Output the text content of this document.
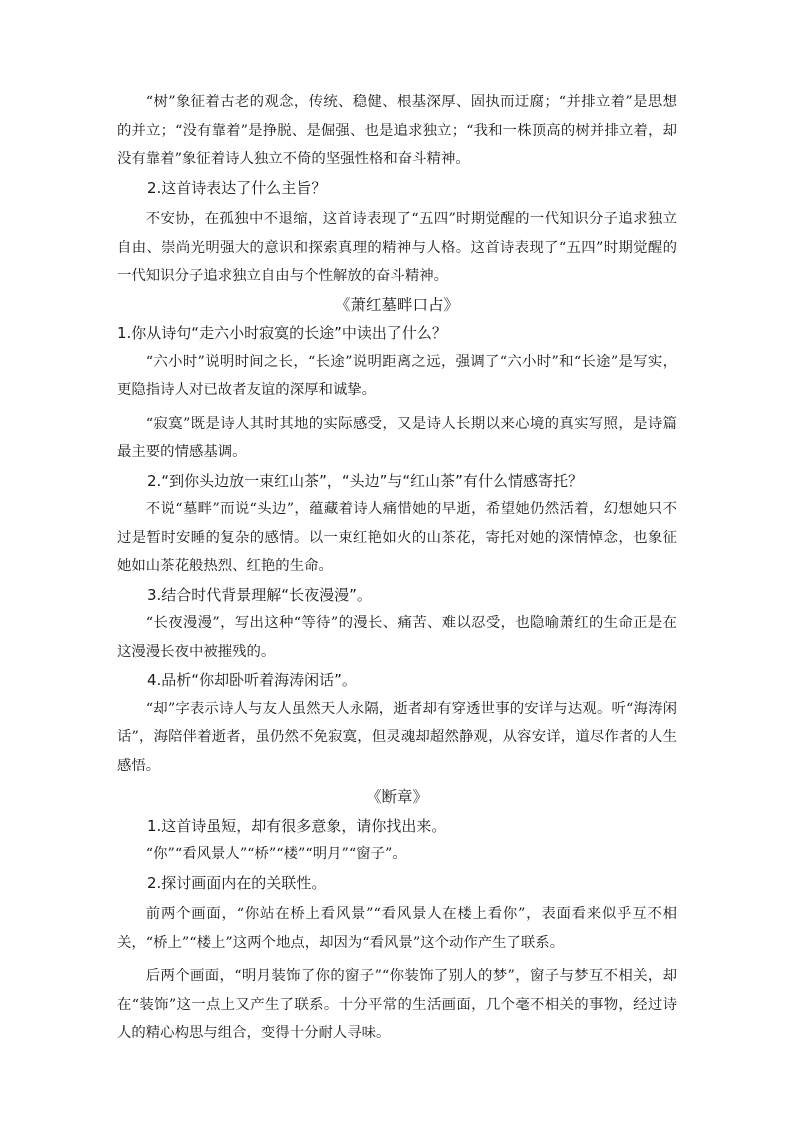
“树”象征着古老的观念，传统、稳健、根基深厚、固执而迂腐；“并排立着”是思想的并立；“没有靠着”是挣脱、是倔强、也是追求独立；“我和一株顶高的树并排立着，却没有靠着”象征着诗人独立不倚的坚强性格和奋斗精神。

2.这首诗表达了什么主旨？

不安协，在孤独中不退缩，这首诗表现了“五四”时期觉醒的一代知识分子追求独立自由、崇尚光明强大的意识和探索真理的精神与人格。这首诗表现了“五四”时期觉醒的一代知识分子追求独立自由与个性解放的奋斗精神。

《萧红墓畔口占》

1.你从诗句“走六小时寂寞的长途”中读出了什么？

“六小时”说明时间之长，“长途”说明距离之远，强调了“六小时”和“长途”是写实，更隐指诗人对已故者友谊的深厚和诚挚。

“寂寞”既是诗人其时其地的实际感受，又是诗人长期以来心境的真实写照，是诗篇最主要的情感基调。

2.“到你头边放一束红山茶”，“头边”与“红山茶”有什么情感寄托？

不说“墓畔”而说“头边”，蕴藏着诗人痛惜她的早逝，希望她仍然活着，幻想她只不过是暂时安睡的复杂的感情。以一束红艳如火的山茶花，寄托对她的深情悼念，也象征她如山茶花般热烈、红艳的生命。

3.结合时代背景理解“长夜漫漫”。

“长夜漫漫”，写出这种“等待”的漫长、痛苦、难以忍受，也隐喻萧红的生命正是在这漫漫长夜中被摧残的。

4.品析“你却卧听着海涛闲话”。

“却”字表示诗人与友人虽然天人永隔，逝者却有穿透世事的安详与达观。听“海涛闲话”，海陪伴着逝者，虽仍然不免寂寞，但灵魂却超然静观，从容安详，道尽作者的人生感悟。

《断章》

1.这首诗虽短，却有很多意象，请你找出来。

“你”“看风景人”“桥”“楼”“明月”“窗子”。

2.探讨画面内在的关联性。

前两个画面，“你站在桥上看风景”“看风景人在楼上看你”，表面看来似乎互不相关，“桥上”“楼上”这两个地点，却因为“看风景”这个动作产生了联系。

后两个画面，“明月装饰了你的窗子”“你装饰了别人的梦”，窗子与梦互不相关，却在“装饰”这一点上又产生了联系。十分平常的生活画面，几个毫不相关的事物，经过诗人的精心构思与组合，变得十分耐人寻味。
